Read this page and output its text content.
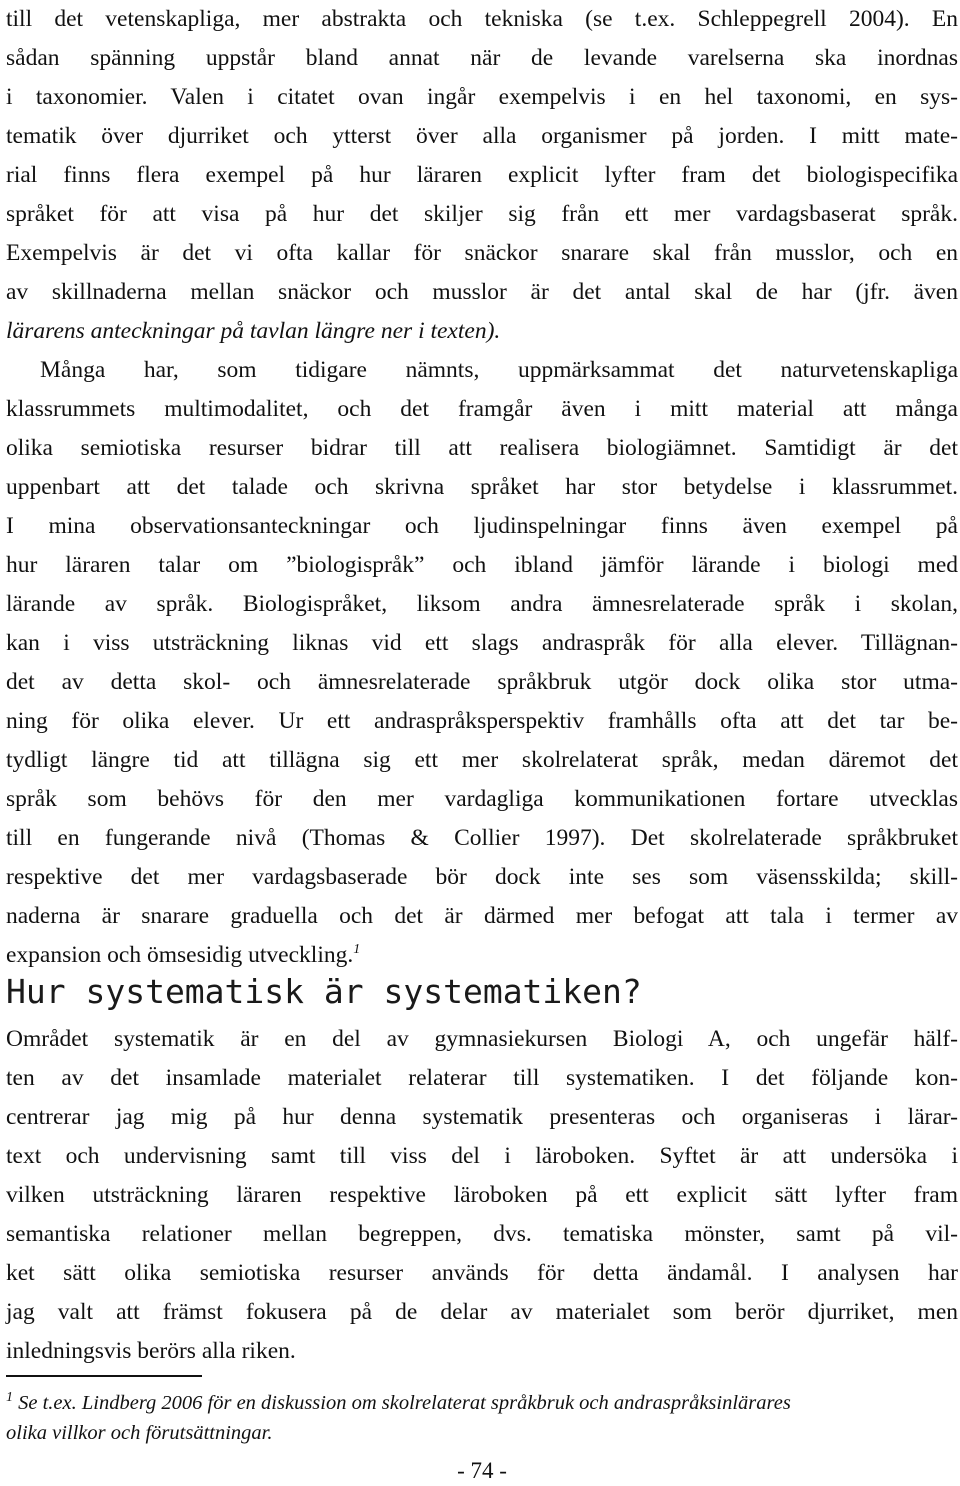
till det vetenskapliga, mer abstrakta och tekniska (se t.ex. Schleppegrell 2004). En
sådan spänning uppstår bland annat när de levande varelserna ska inordnas
i taxonomier. Valen i citatet ovan ingår exempelvis i en hel taxonomi, en sys-
tematik över djurriket och ytterst över alla organismer på jorden. I mitt mate-
rial finns flera exempel på hur läraren explicit lyfter fram det biologispecifika
språket för att visa på hur det skiljer sig från ett mer vardagsbaserat språk.
Exempelvis är det vi ofta kallar för snäckor snarare skal från musslor, och en
av skillnaderna mellan snäckor och musslor är det antal skal de har (jfr. även
lärarens anteckningar på tavlan längre ner i texten).
Många har, som tidigare nämnts, uppmärksammat det naturvetenskapliga
klassrummets multimodalitet, och det framgår även i mitt material att många
olika semiotiska resurser bidrar till att realisera biologiämnet. Samtidigt är det
uppenbart att det talade och skrivna språket har stor betydelse i klassrummet.
I mina observationsanteckningar och ljudinspelningar finns även exempel på
hur läraren talar om ”biologispråk” och ibland jämför lärande i biologi med
lärande av språk. Biologispråket, liksom andra ämnesrelaterade språk i skolan,
kan i viss utsträckning liknas vid ett slags andraspråk för alla elever. Tillägnan-
det av detta skol- och ämnesrelaterade språkbruk utgör dock olika stor utma-
ning för olika elever. Ur ett andraspråksperspektiv framhålls ofta att det tar be-
tydligt längre tid att tillägna sig ett mer skolrelaterat språk, medan däremot det
språk som behövs för den mer vardagliga kommunikationen fortare utvecklas
till en fungerande nivå (Thomas & Collier 1997). Det skolrelaterade språkbruket
respektive det mer vardagsbaserade bör dock inte ses som väsensskilda; skill-
naderna är snarare graduella och det är därmed mer befogat att tala i termer av
expansion och ömsesidig utveckling.$^1$
Hur systematisk är systematiken?
Området systematik är en del av gymnasiekursen Biologi A, och ungefär hälf-
ten av det insamlade materialet relaterar till systematiken. I det följande kon-
centrerar jag mig på hur denna systematik presenteras och organiseras i lärar-
text och undervisning samt till viss del i läroboken. Syftet är att undersöka i
vilken utsträckning läraren respektive läroboken på ett explicit sätt lyfter fram
semantiska relationer mellan begreppen, dvs. tematiska mönster, samt på vil-
ket sätt olika semiotiska resurser används för detta ändamål. I analysen har
jag valt att främst fokusera på de delar av materialet som berör djurriket, men
inledningsvis berörs alla riken.
$^1$ Se t.ex. Lindberg 2006 för en diskussion om skolrelaterat språkbruk och andraspråksinlärares
olika villkor och förutsättningar.
- 74 -
